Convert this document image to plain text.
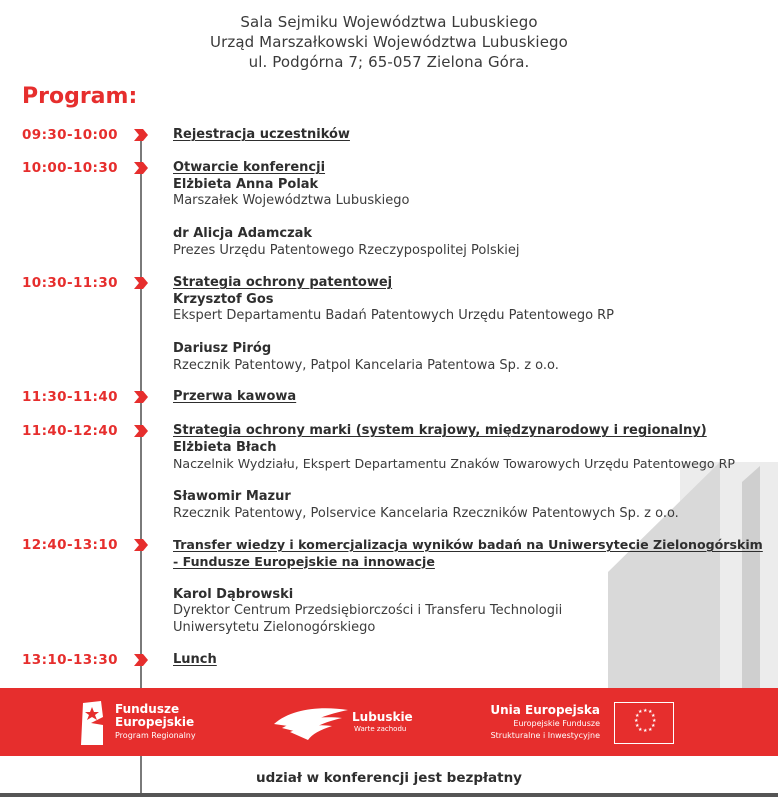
Sala Sejmiku Województwa Lubuskiego
Urząd Marszałkowski Województwa Lubuskiego
ul. Podgórna 7; 65-057 Zielona Góra.
Program:
09:30-10:00	Rejestracja uczestników
10:00-10:30	Otwarcie konferencji
Elżbieta Anna Polak
Marszałek Województwa Lubuskiego
dr Alicja Adamczak
Prezes Urzędu Patentowego Rzeczypospolitej Polskiej
10:30-11:30	Strategia ochrony patentowej
Krzysztof Gos
Ekspert Departamentu Badań Patentowych Urzędu Patentowego RP
Dariusz Piróg
Rzecznik Patentowy, Patpol Kancelaria Patentowa Sp. z o.o.
11:30-11:40	Przerwa kawowa
11:40-12:40	Strategia ochrony marki (system krajowy, międzynarodowy i regionalny)
Elżbieta Błach
Naczelnik Wydziału, Ekspert Departamentu Znaków Towarowych Urzędu Patentowego RP
Sławomir Mazur
Rzecznik Patentowy, Polservice Kancelaria Rzeczników Patentowych Sp. z o.o.
12:40-13:10	Transfer wiedzy i komercjalizacja wyników badań na Uniwersytecie Zielonogórskim
- Fundusze Europejskie na innowacje
Karol Dąbrowski
Dyrektor Centrum Przedsiębiorczości i Transferu Technologii
Uniwersytetu Zielonogórskiego
13:10-13:30	Lunch
Fundusze
Europejskie
Program Regionalny
Lubuskie
Warte zachodu
Unia Europejska
Europejskie Fundusze
Strukturalne i Inwestycyjne
★ ★
★
★
★
★
★
★
★
★
★
★
udział w konferencji jest bezpłatny
